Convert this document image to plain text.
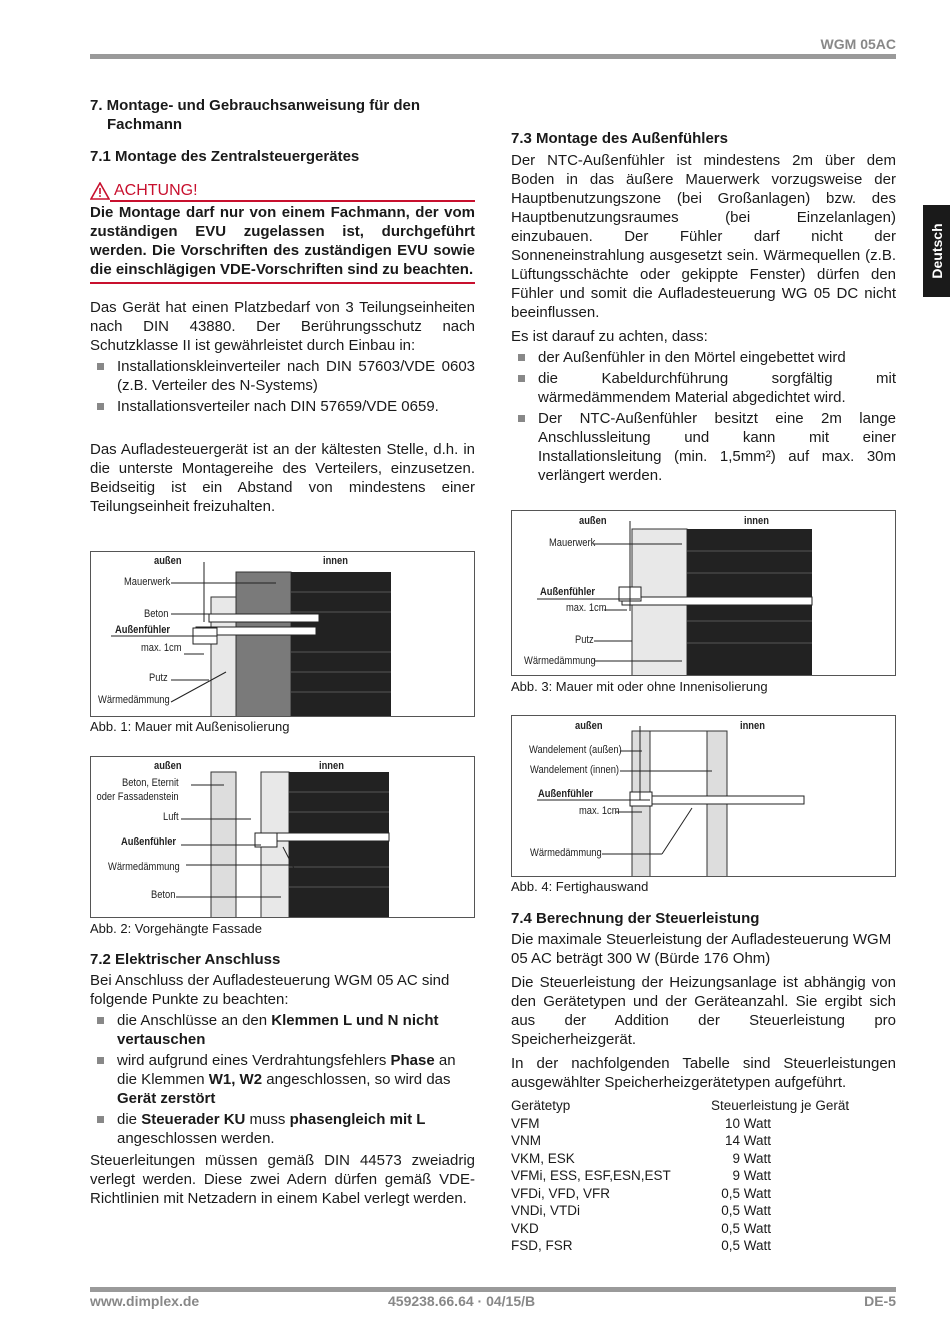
WGM 05AC
Deutsch
www.dimplex.de	459238.66.64 · 04/15/B	DE-5
7. Montage- und Gebrauchsanweisung für den Fachmann
7.1 Montage des Zentralsteuergerätes
ACHTUNG!
Die Montage darf nur von einem Fachmann, der vom zuständigen EVU zugelassen ist, durchgeführt werden. Die Vorschriften des zuständigen EVU sowie die einschlägigen VDE-Vorschriften sind zu beachten.
Das Gerät hat einen Platzbedarf von 3 Teilungseinheiten nach DIN 43880. Der Berührungsschutz nach Schutzklasse II ist gewährleistet durch Einbau in:
Installationskleinverteiler nach DIN 57603/VDE 0603 (z.B. Verteiler des N-Systems)
Installationsverteiler nach DIN 57659/VDE 0659.
Das Aufladesteuergerät ist an der kältesten Stelle, d.h. in die unterste Montagereihe des Verteilers, einzusetzen. Beidseitig ist ein Abstand von mindestens einer Teilungseinheit freizuhalten.
außen	innen
Mauerwerk
Beton
Außenfühler
max. 1cm
Putz
Wärmedämmung
Abb. 1: Mauer mit Außenisolierung
außen	innen
Beton, Eternit
oder Fassadenstein
Luft
Außenfühler
Wärmedämmung
Beton
Abb. 2: Vorgehängte Fassade
7.2 Elektrischer Anschluss
Bei Anschluss der Aufladesteuerung WGM 05 AC sind folgende Punkte zu beachten:
die Anschlüsse an den Klemmen L und N nicht vertauschen
wird aufgrund eines Verdrahtungsfehlers Phase an die Klemmen W1, W2 angeschlossen, so wird das Gerät zerstört
die Steuerader KU muss phasengleich mit L angeschlossen werden.
Steuerleitungen müssen gemäß DIN 44573 zweiadrig verlegt werden. Diese zwei Adern dürfen gemäß VDE-Richtlinien mit Netzadern in einem Kabel verlegt werden.
7.3 Montage des Außenfühlers
Der NTC-Außenfühler ist mindestens 2m über dem Boden in das äußere Mauerwerk vorzugsweise der Hauptbenutzungszone (bei Großanlagen) bzw. des Hauptbenutzungsraumes (bei Einzelanlagen) einzubauen. Der Fühler darf nicht der Sonneneinstrahlung ausgesetzt sein. Wärmequellen (z.B. Lüftungsschächte oder gekippte Fenster) dürfen den Fühler und somit die Aufladesteuerung WG 05 DC nicht beeinflussen.
Es ist darauf zu achten, dass:
der Außenfühler in den Mörtel eingebettet wird
die Kabeldurchführung sorgfältig mit wärmedämmendem Material abgedichtet wird.
Der NTC-Außenfühler besitzt eine 2m lange Anschlussleitung und kann mit einer Installationsleitung (min. 1,5mm²) auf max. 30m verlängert werden.
außen	innen
Mauerwerk
Außenfühler
max. 1cm
Putz
Wärmedämmung
Abb. 3: Mauer mit oder ohne Innenisolierung
außen	innen
Wandelement (außen)
Wandelement (innen)
Außenfühler
max. 1cm
Wärmedämmung
Abb. 4: Fertighauswand
7.4 Berechnung der Steuerleistung
Die maximale Steuerleistung der Aufladesteuerung WGM 05 AC beträgt 300 W (Bürde 176 Ohm)
Die Steuerleistung der Heizungsanlage ist abhängig von den Gerätetypen und der Geräteanzahl. Sie ergibt sich aus der Addition der Steuerleistung pro Speicherheizgerät.
In der nachfolgenden Tabelle sind Steuerleistungen ausgewählter Speicherheizgerätetypen aufgeführt.
Gerätetyp	Steuerleistung je Gerät
VFM	10 Watt
VNM	14 Watt
VKM, ESK	9 Watt
VFMi, ESS, ESF,ESN,EST	9 Watt
VFDi, VFD, VFR	0,5 Watt
VNDi, VTDi	0,5 Watt
VKD	0,5 Watt
FSD, FSR	0,5 Watt
